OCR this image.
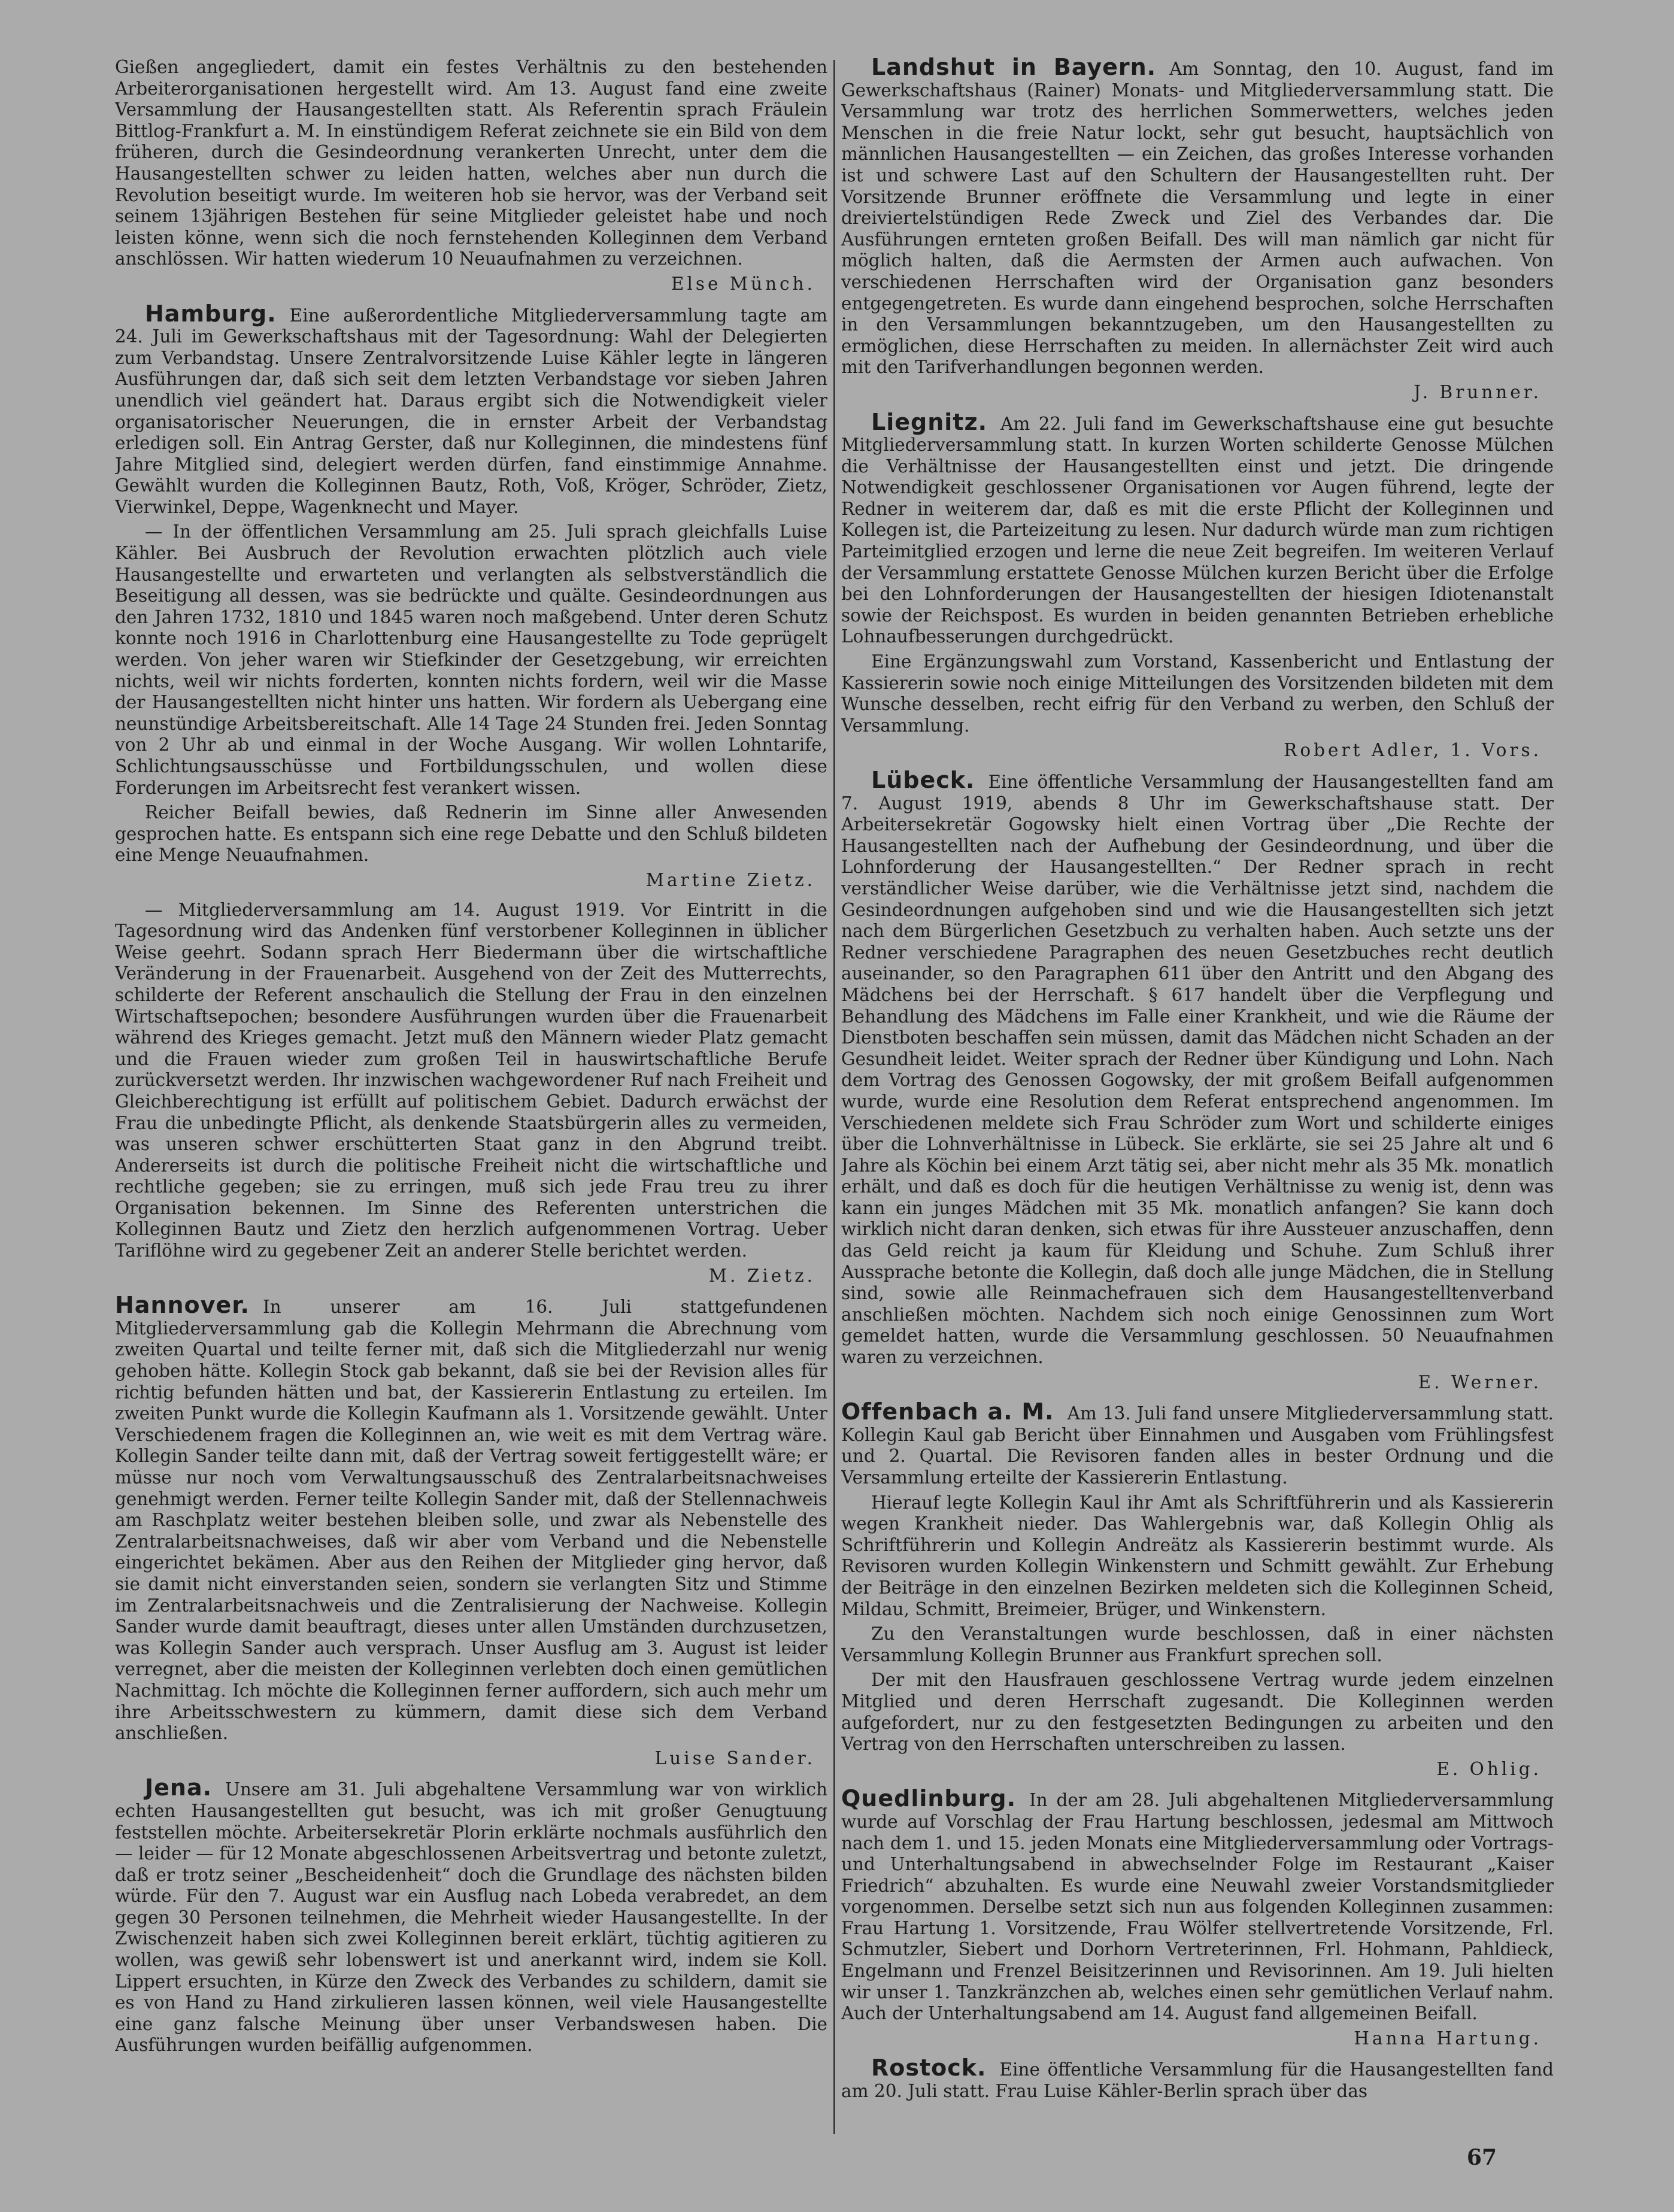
Gießen angegliedert, damit ein festes Verhältnis zu den bestehenden Arbeiterorganisationen hergestellt wird. Am 13. August fand eine zweite Versammlung der Hausangestellten statt. Als Referentin sprach Fräulein Bittlog-Frankfurt a. M. In einstündigem Referat zeichnete sie ein Bild von dem früheren, durch die Gesindeordnung verankerten Unrecht, unter dem die Hausangestellten schwer zu leiden hatten, welches aber nun durch die Revolution beseitigt wurde. Im weiteren hob sie hervor, was der Verband seit seinem 13jährigen Bestehen für seine Mitglieder geleistet habe und noch leisten könne, wenn sich die noch fernstehenden Kolleginnen dem Verband anschlössen. Wir hatten wiederum 10 Neuaufnahmen zu verzeichnen.

Else Münch.

Hamburg. Eine außerordentliche Mitgliederversammlung tagte am 24. Juli im Gewerkschaftshaus mit der Tagesordnung: Wahl der Delegierten zum Verbandstag. Unsere Zentralvorsitzende Luise Kähler legte in längeren Ausführungen dar, daß sich seit dem letzten Verbandstage vor sieben Jahren unendlich viel geändert hat. Daraus ergibt sich die Notwendigkeit vieler organisatorischer Neuerungen, die in ernster Arbeit der Verbandstag erledigen soll. Ein Antrag Gerster, daß nur Kolleginnen, die mindestens fünf Jahre Mitglied sind, delegiert werden dürfen, fand einstimmige Annahme. Gewählt wurden die Kolleginnen Bautz, Roth, Voß, Kröger, Schröder, Zietz, Vierwinkel, Deppe, Wagenknecht und Mayer.

— In der öffentlichen Versammlung am 25. Juli sprach gleichfalls Luise Kähler. Bei Ausbruch der Revolution erwachten plötzlich auch viele Hausangestellte und erwarteten und verlangten als selbstverständlich die Beseitigung all dessen, was sie bedrückte und quälte. Gesindeordnungen aus den Jahren 1732, 1810 und 1845 waren noch maßgebend. Unter deren Schutz konnte noch 1916 in Charlottenburg eine Hausangestellte zu Tode geprügelt werden. Von jeher waren wir Stiefkinder der Gesetzgebung, wir erreichten nichts, weil wir nichts forderten, konnten nichts fordern, weil wir die Masse der Hausangestellten nicht hinter uns hatten. Wir fordern als Uebergang eine neunstündige Arbeitsbereitschaft. Alle 14 Tage 24 Stunden frei. Jeden Sonntag von 2 Uhr ab und einmal in der Woche Ausgang. Wir wollen Lohntarife, Schlichtungsausschüsse und Fortbildungsschulen, und wollen diese Forderungen im Arbeitsrecht fest verankert wissen.

Reicher Beifall bewies, daß Rednerin im Sinne aller Anwesenden gesprochen hatte. Es entspann sich eine rege Debatte und den Schluß bildeten eine Menge Neuaufnahmen.

Martine Zietz.

— Mitgliederversammlung am 14. August 1919. Vor Eintritt in die Tagesordnung wird das Andenken fünf verstorbener Kolleginnen in üblicher Weise geehrt. Sodann sprach Herr Biedermann über die wirtschaftliche Veränderung in der Frauenarbeit. Ausgehend von der Zeit des Mutterrechts, schilderte der Referent anschaulich die Stellung der Frau in den einzelnen Wirtschaftsepochen; besondere Ausführungen wurden über die Frauenarbeit während des Krieges gemacht. Jetzt muß den Männern wieder Platz gemacht und die Frauen wieder zum großen Teil in hauswirtschaftliche Berufe zurückversetzt werden. Ihr inzwischen wachgewordener Ruf nach Freiheit und Gleichberechtigung ist erfüllt auf politischem Gebiet. Dadurch erwächst der Frau die unbedingte Pflicht, als denkende Staatsbürgerin alles zu vermeiden, was unseren schwer erschütterten Staat ganz in den Abgrund treibt. Andererseits ist durch die politische Freiheit nicht die wirtschaftliche und rechtliche gegeben; sie zu erringen, muß sich jede Frau treu zu ihrer Organisation bekennen. Im Sinne des Referenten unterstrichen die Kolleginnen Bautz und Zietz den herzlich aufgenommenen Vortrag. Ueber Tariflöhne wird zu gegebener Zeit an anderer Stelle berichtet werden.

M. Zietz.

Hannover. In unserer am 16. Juli stattgefundenen Mitgliederversammlung gab die Kollegin Mehrmann die Abrechnung vom zweiten Quartal und teilte ferner mit, daß sich die Mitgliederzahl nur wenig gehoben hätte. Kollegin Stock gab bekannt, daß sie bei der Revision alles für richtig befunden hätten und bat, der Kassiererin Entlastung zu erteilen. Im zweiten Punkt wurde die Kollegin Kaufmann als 1. Vorsitzende gewählt. Unter Verschiedenem fragen die Kolleginnen an, wie weit es mit dem Vertrag wäre. Kollegin Sander teilte dann mit, daß der Vertrag soweit fertiggestellt wäre; er müsse nur noch vom Verwaltungsausschuß des Zentralarbeitsnachweises genehmigt werden. Ferner teilte Kollegin Sander mit, daß der Stellennachweis am Raschplatz weiter bestehen bleiben solle, und zwar als Nebenstelle des Zentralarbeitsnachweises, daß wir aber vom Verband und die Nebenstelle eingerichtet bekämen. Aber aus den Reihen der Mitglieder ging hervor, daß sie damit nicht einverstanden seien, sondern sie verlangten Sitz und Stimme im Zentralarbeitsnachweis und die Zentralisierung der Nachweise. Kollegin Sander wurde damit beauftragt, dieses unter allen Umständen durchzusetzen, was Kollegin Sander auch versprach. Unser Ausflug am 3. August ist leider verregnet, aber die meisten der Kolleginnen verlebten doch einen gemütlichen Nachmittag. Ich möchte die Kolleginnen ferner auffordern, sich auch mehr um ihre Arbeitsschwestern zu kümmern, damit diese sich dem Verband anschließen.

Luise Sander.

Jena. Unsere am 31. Juli abgehaltene Versammlung war von wirklich echten Hausangestellten gut besucht, was ich mit großer Genugtuung feststellen möchte. Arbeitersekretär Plorin erklärte nochmals ausführlich den — leider — für 12 Monate abgeschlossenen Arbeitsvertrag und betonte zuletzt, daß er trotz seiner „Bescheidenheit“ doch die Grundlage des nächsten bilden würde. Für den 7. August war ein Ausflug nach Lobeda verabredet, an dem gegen 30 Personen teilnehmen, die Mehrheit wieder Hausangestellte. In der Zwischenzeit haben sich zwei Kolleginnen bereit erklärt, tüchtig agitieren zu wollen, was gewiß sehr lobenswert ist und anerkannt wird, indem sie Koll. Lippert ersuchten, in Kürze den Zweck des Verbandes zu schildern, damit sie es von Hand zu Hand zirkulieren lassen können, weil viele Hausangestellte eine ganz falsche Meinung über unser Verbandswesen haben. Die Ausführungen wurden beifällig aufgenommen.

Landshut in Bayern. Am Sonntag, den 10. August, fand im Gewerkschaftshaus (Rainer) Monats- und Mitgliederversammlung statt. Die Versammlung war trotz des herrlichen Sommerwetters, welches jeden Menschen in die freie Natur lockt, sehr gut besucht, hauptsächlich von männlichen Hausangestellten — ein Zeichen, das großes Interesse vorhanden ist und schwere Last auf den Schultern der Hausangestellten ruht. Der Vorsitzende Brunner eröffnete die Versammlung und legte in einer dreiviertelstündigen Rede Zweck und Ziel des Verbandes dar. Die Ausführungen ernteten großen Beifall. Des will man nämlich gar nicht für möglich halten, daß die Aermsten der Armen auch aufwachen. Von verschiedenen Herrschaften wird der Organisation ganz besonders entgegengetreten. Es wurde dann eingehend besprochen, solche Herrschaften in den Versammlungen bekanntzugeben, um den Hausangestellten zu ermöglichen, diese Herrschaften zu meiden. In allernächster Zeit wird auch mit den Tarifverhandlungen begonnen werden.

J. Brunner.

Liegnitz. Am 22. Juli fand im Gewerkschaftshause eine gut besuchte Mitgliederversammlung statt. In kurzen Worten schilderte Genosse Mülchen die Verhältnisse der Hausangestellten einst und jetzt. Die dringende Notwendigkeit geschlossener Organisationen vor Augen führend, legte der Redner in weiterem dar, daß es mit die erste Pflicht der Kolleginnen und Kollegen ist, die Parteizeitung zu lesen. Nur dadurch würde man zum richtigen Parteimitglied erzogen und lerne die neue Zeit begreifen. Im weiteren Verlauf der Versammlung erstattete Genosse Mülchen kurzen Bericht über die Erfolge bei den Lohnforderungen der Hausangestellten der hiesigen Idiotenanstalt sowie der Reichspost. Es wurden in beiden genannten Betrieben erhebliche Lohnaufbesserungen durchgedrückt.

Eine Ergänzungswahl zum Vorstand, Kassenbericht und Entlastung der Kassiererin sowie noch einige Mitteilungen des Vorsitzenden bildeten mit dem Wunsche desselben, recht eifrig für den Verband zu werben, den Schluß der Versammlung.

Robert Adler, 1. Vors.

Lübeck. Eine öffentliche Versammlung der Hausangestellten fand am 7. August 1919, abends 8 Uhr im Gewerkschaftshause statt. Der Arbeitersekretär Gogowsky hielt einen Vortrag über „Die Rechte der Hausangestellten nach der Aufhebung der Gesindeordnung, und über die Lohnforderung der Hausangestellten.“ Der Redner sprach in recht verständlicher Weise darüber, wie die Verhältnisse jetzt sind, nachdem die Gesindeordnungen aufgehoben sind und wie die Hausangestellten sich jetzt nach dem Bürgerlichen Gesetzbuch zu verhalten haben. Auch setzte uns der Redner verschiedene Paragraphen des neuen Gesetzbuches recht deutlich auseinander, so den Paragraphen 611 über den Antritt und den Abgang des Mädchens bei der Herrschaft. § 617 handelt über die Verpflegung und Behandlung des Mädchens im Falle einer Krankheit, und wie die Räume der Dienstboten beschaffen sein müssen, damit das Mädchen nicht Schaden an der Gesundheit leidet. Weiter sprach der Redner über Kündigung und Lohn. Nach dem Vortrag des Genossen Gogowsky, der mit großem Beifall aufgenommen wurde, wurde eine Resolution dem Referat entsprechend angenommen. Im Verschiedenen meldete sich Frau Schröder zum Wort und schilderte einiges über die Lohnverhältnisse in Lübeck. Sie erklärte, sie sei 25 Jahre alt und 6 Jahre als Köchin bei einem Arzt tätig sei, aber nicht mehr als 35 Mk. monatlich erhält, und daß es doch für die heutigen Verhältnisse zu wenig ist, denn was kann ein junges Mädchen mit 35 Mk. monatlich anfangen? Sie kann doch wirklich nicht daran denken, sich etwas für ihre Aussteuer anzuschaffen, denn das Geld reicht ja kaum für Kleidung und Schuhe. Zum Schluß ihrer Aussprache betonte die Kollegin, daß doch alle junge Mädchen, die in Stellung sind, sowie alle Reinmachefrauen sich dem Hausangestelltenverband anschließen möchten. Nachdem sich noch einige Genossinnen zum Wort gemeldet hatten, wurde die Versammlung geschlossen. 50 Neuaufnahmen waren zu verzeichnen.

E. Werner.

Offenbach a. M. Am 13. Juli fand unsere Mitgliederversammlung statt. Kollegin Kaul gab Bericht über Einnahmen und Ausgaben vom Frühlingsfest und 2. Quartal. Die Revisoren fanden alles in bester Ordnung und die Versammlung erteilte der Kassiererin Entlastung.

Hierauf legte Kollegin Kaul ihr Amt als Schriftführerin und als Kassiererin wegen Krankheit nieder. Das Wahlergebnis war, daß Kollegin Ohlig als Schriftführerin und Kollegin Andreätz als Kassiererin bestimmt wurde. Als Revisoren wurden Kollegin Winkenstern und Schmitt gewählt. Zur Erhebung der Beiträge in den einzelnen Bezirken meldeten sich die Kolleginnen Scheid, Mildau, Schmitt, Breimeier, Brüger, und Winkenstern.

Zu den Veranstaltungen wurde beschlossen, daß in einer nächsten Versammlung Kollegin Brunner aus Frankfurt sprechen soll.

Der mit den Hausfrauen geschlossene Vertrag wurde jedem einzelnen Mitglied und deren Herrschaft zugesandt. Die Kolleginnen werden aufgefordert, nur zu den festgesetzten Bedingungen zu arbeiten und den Vertrag von den Herrschaften unterschreiben zu lassen.

E. Ohlig.

Quedlinburg. In der am 28. Juli abgehaltenen Mitgliederversammlung wurde auf Vorschlag der Frau Hartung beschlossen, jedesmal am Mittwoch nach dem 1. und 15. jeden Monats eine Mitgliederversammlung oder Vortrags- und Unterhaltungsabend in abwechselnder Folge im Restaurant „Kaiser Friedrich“ abzuhalten. Es wurde eine Neuwahl zweier Vorstandsmitglieder vorgenommen. Derselbe setzt sich nun aus folgenden Kolleginnen zusammen: Frau Hartung 1. Vorsitzende, Frau Wölfer stellvertretende Vorsitzende, Frl. Schmutzler, Siebert und Dorhorn Vertreterinnen, Frl. Hohmann, Pahldieck, Engelmann und Frenzel Beisitzerinnen und Revisorinnen. Am 19. Juli hielten wir unser 1. Tanzkränzchen ab, welches einen sehr gemütlichen Verlauf nahm. Auch der Unterhaltungsabend am 14. August fand allgemeinen Beifall.

Hanna Hartung.

Rostock. Eine öffentliche Versammlung für die Hausangestellten fand am 20. Juli statt. Frau Luise Kähler-Berlin sprach über das

67
